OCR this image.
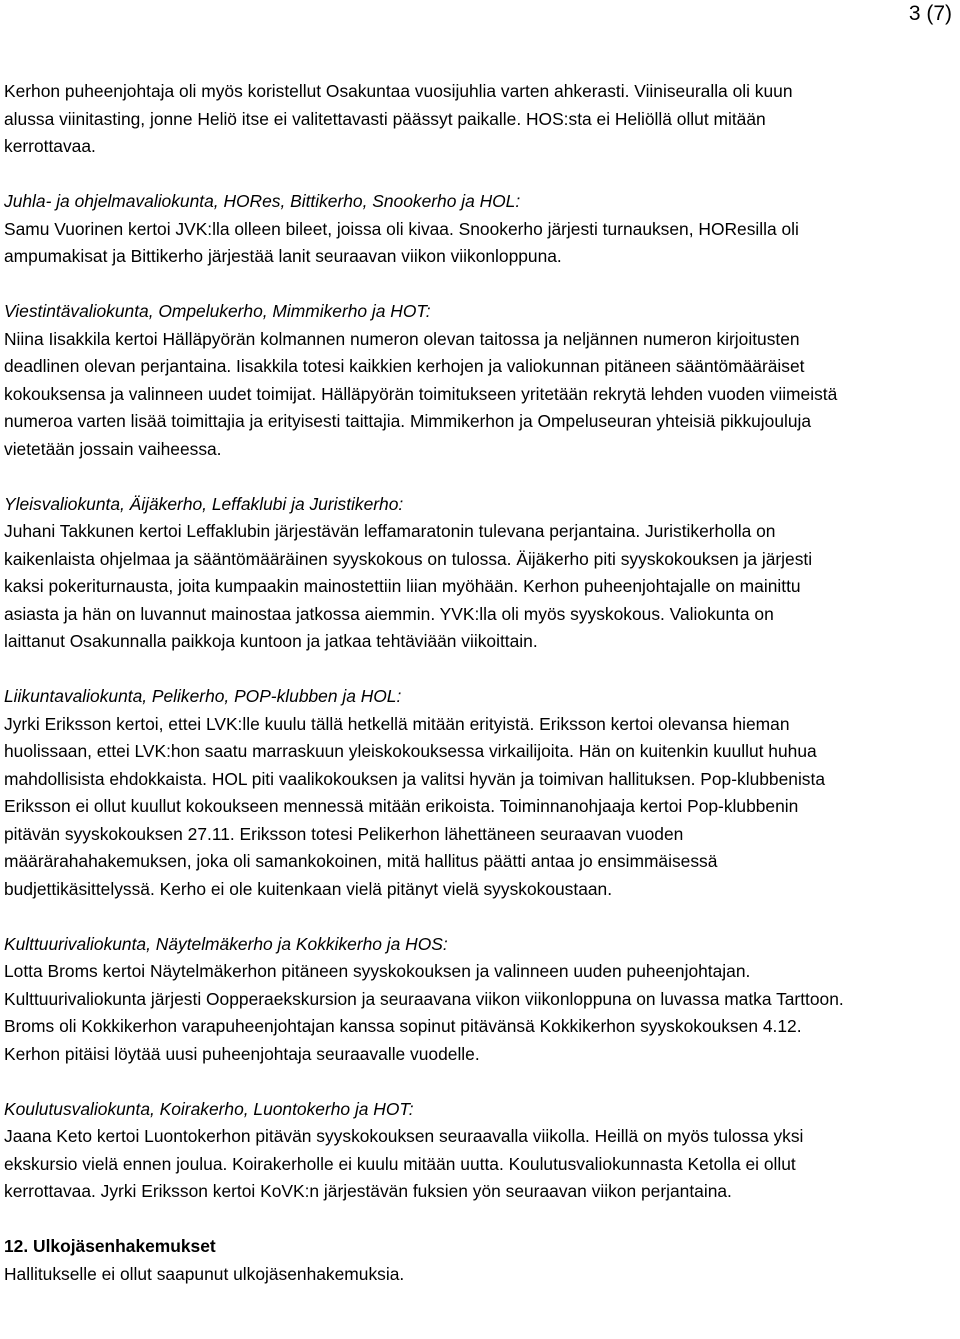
3 (7)

Kerhon puheenjohtaja oli myös koristellut Osakuntaa vuosijuhlia varten ahkerasti. Viiniseuralla oli kuun

alussa viinitasting, jonne Heliö itse ei valitettavasti päässyt paikalle. HOS:sta ei Heliöllä ollut mitään

kerrottavaa.

Juhla- ja ohjelmavaliokunta, HORes, Bittikerho, Snookerho ja HOL:

Samu Vuorinen kertoi JVK:lla olleen bileet, joissa oli kivaa. Snookerho järjesti turnauksen, HOResilla oli

ampumakisat ja Bittikerho järjestää lanit seuraavan viikon viikonloppuna.

Viestintävaliokunta, Ompelukerho, Mimmikerho ja HOT:

Niina Iisakkila kertoi Hälläpyörän kolmannen numeron olevan taitossa ja neljännen numeron kirjoitusten

deadlinen olevan perjantaina. Iisakkila totesi kaikkien kerhojen ja valiokunnan pitäneen sääntömääräiset

kokouksensa ja valinneen uudet toimijat. Hälläpyörän toimitukseen yritetään rekrytä lehden vuoden viimeistä

numeroa varten lisää toimittajia ja erityisesti taittajia. Mimmikerhon ja Ompeluseuran yhteisiä pikkujouluja

vietetään jossain vaiheessa.

Yleisvaliokunta, Äijäkerho, Leffaklubi ja Juristikerho:

Juhani Takkunen kertoi Leffaklubin järjestävän leffamaratonin tulevana perjantaina. Juristikerholla on

kaikenlaista ohjelmaa ja sääntömääräinen syyskokous on tulossa. Äijäkerho piti syyskokouksen ja järjesti

kaksi pokeriturnausta, joita kumpaakin mainostettiin liian myöhään. Kerhon puheenjohtajalle on mainittu

asiasta ja hän on luvannut mainostaa jatkossa aiemmin. YVK:lla oli myös syyskokous. Valiokunta on

laittanut Osakunnalla paikkoja kuntoon ja jatkaa tehtäviään viikoittain.

Liikuntavaliokunta, Pelikerho, POP-klubben ja HOL:

Jyrki Eriksson kertoi, ettei LVK:lle kuulu tällä hetkellä mitään erityistä. Eriksson kertoi olevansa hieman

huolissaan, ettei LVK:hon saatu marraskuun yleiskokouksessa virkailijoita. Hän on kuitenkin kuullut huhua

mahdollisista ehdokkaista. HOL piti vaalikokouksen ja valitsi hyvän ja toimivan hallituksen. Pop-klubbenista

Eriksson ei ollut kuullut kokoukseen mennessä mitään erikoista. Toiminnanohjaaja kertoi Pop-klubbenin

pitävän syyskokouksen 27.11. Eriksson totesi Pelikerhon lähettäneen seuraavan vuoden

määrärahahakemuksen, joka oli samankokoinen, mitä hallitus päätti antaa jo ensimmäisessä

budjettikäsittelyssä. Kerho ei ole kuitenkaan vielä pitänyt vielä syyskokoustaan.

Kulttuurivaliokunta, Näytelmäkerho ja Kokkikerho ja HOS:

Lotta Broms kertoi Näytelmäkerhon pitäneen syyskokouksen ja valinneen uuden puheenjohtajan.

Kulttuurivaliokunta järjesti Oopperaekskursion ja seuraavana viikon viikonloppuna on luvassa matka Tarttoon.

Broms oli Kokkikerhon varapuheenjohtajan kanssa sopinut pitävänsä Kokkikerhon syyskokouksen 4.12.

Kerhon pitäisi löytää uusi puheenjohtaja seuraavalle vuodelle.

Koulutusvaliokunta, Koirakerho, Luontokerho ja HOT:

Jaana Keto kertoi Luontokerhon pitävän syyskokouksen seuraavalla viikolla. Heillä on myös tulossa yksi

ekskursio vielä ennen joulua. Koirakerholle ei kuulu mitään uutta. Koulutusvaliokunnasta Ketolla ei ollut

kerrottavaa. Jyrki Eriksson kertoi KoVK:n järjestävän fuksien yön seuraavan viikon perjantaina.

12. Ulkojäsenhakemukset

Hallitukselle ei ollut saapunut ulkojäsenhakemuksia.
